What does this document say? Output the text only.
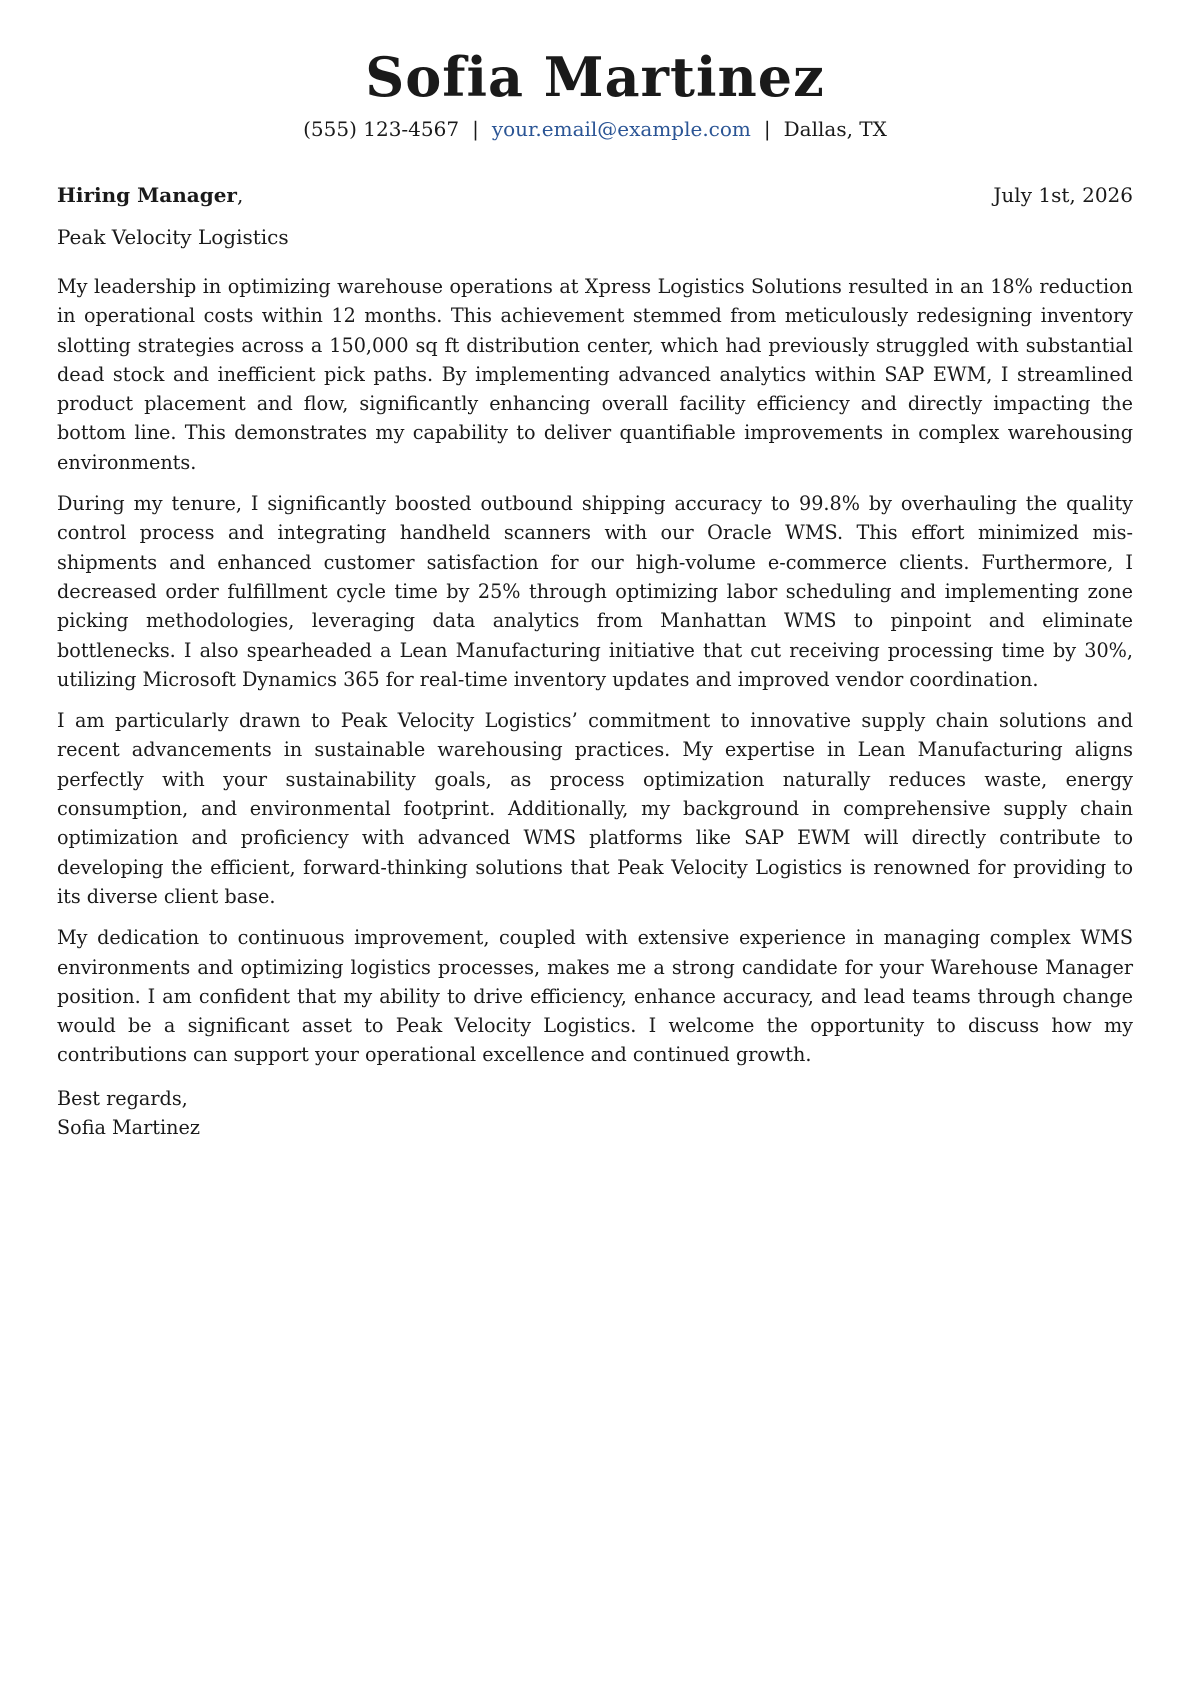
Sofia Martinez
(555) 123-4567 | your.email@example.com | Dallas, TX
Hiring Manager,	July 1st, 2026
Peak Velocity Logistics

My leadership in optimizing warehouse operations at Xpress Logistics Solutions resulted in an 18% reduction in operational costs within 12 months. This achievement stemmed from meticulously redesigning inventory slotting strategies across a 150,000 sq ft distribution center, which had previously struggled with substantial dead stock and inefficient pick paths. By implementing advanced analytics within SAP EWM, I streamlined product placement and flow, significantly enhancing overall facility efficiency and directly impacting the bottom line. This demonstrates my capability to deliver quantifiable improvements in complex warehousing environments.

During my tenure, I significantly boosted outbound shipping accuracy to 99.8% by overhauling the quality control process and integrating handheld scanners with our Oracle WMS. This effort minimized mis-shipments and enhanced customer satisfaction for our high-volume e-commerce clients. Furthermore, I decreased order fulfillment cycle time by 25% through optimizing labor scheduling and implementing zone picking methodologies, leveraging data analytics from Manhattan WMS to pinpoint and eliminate bottlenecks. I also spearheaded a Lean Manufacturing initiative that cut receiving processing time by 30%, utilizing Microsoft Dynamics 365 for real-time inventory updates and improved vendor coordination.

I am particularly drawn to Peak Velocity Logistics’ commitment to innovative supply chain solutions and recent advancements in sustainable warehousing practices. My expertise in Lean Manufacturing aligns perfectly with your sustainability goals, as process optimization naturally reduces waste, energy consumption, and environmental footprint. Additionally, my background in comprehensive supply chain optimization and proficiency with advanced WMS platforms like SAP EWM will directly contribute to developing the efficient, forward-thinking solutions that Peak Velocity Logistics is renowned for providing to its diverse client base.

My dedication to continuous improvement, coupled with extensive experience in managing complex WMS environments and optimizing logistics processes, makes me a strong candidate for your Warehouse Manager position. I am confident that my ability to drive efficiency, enhance accuracy, and lead teams through change would be a significant asset to Peak Velocity Logistics. I welcome the opportunity to discuss how my contributions can support your operational excellence and continued growth.

Best regards,
Sofia Martinez
